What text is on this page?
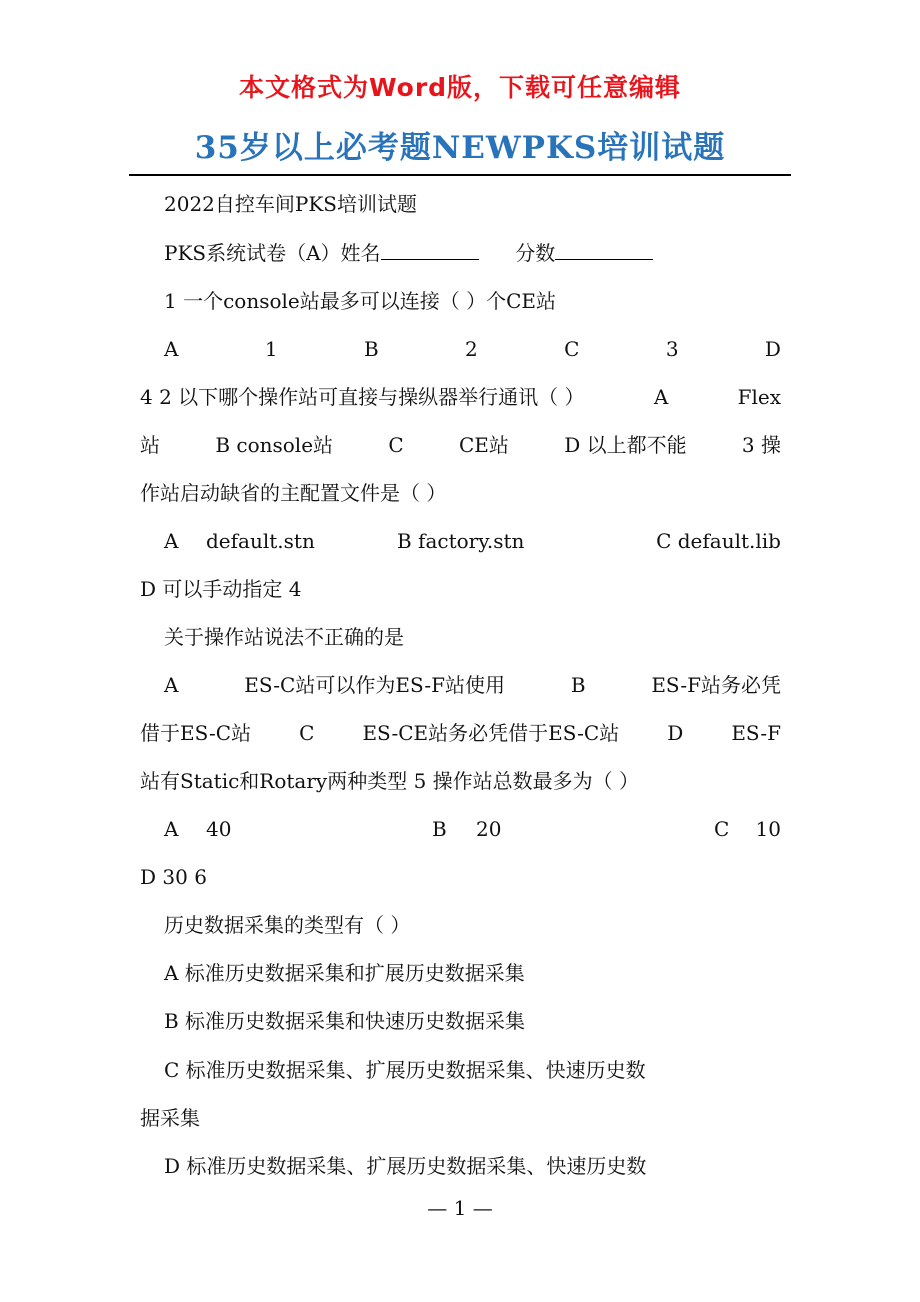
本文格式为Word版，下载可任意编辑
35岁以上必考题NEWPKS培训试题
2022自控车间PKS培训试题
PKS系统试卷（A）姓名	分数
1 一个console站最多可以连接（ ）个CE站
A	1	B	2	C	3	D
4 2 以下哪个操作站可直接与操纵器举行通讯（ ）	A	Flex
站	B console站	C	CE站	D 以上都不能	3 操
作站启动缺省的主配置文件是（ ）
A default.stn	B factory.stn	C default.lib
D 可以手动指定 4
关于操作站说法不正确的是
A	ES-C站可以作为ES-F站使用	B	ES-F站务必凭
借于ES-C站 C ES-CE站务必凭借于ES-C站 D ES-F
站有Static和Rotary两种类型 5 操作站总数最多为（ ）
A 40	B 20	C 10
D 30 6
历史数据采集的类型有（ ）
A 标准历史数据采集和扩展历史数据采集
B 标准历史数据采集和快速历史数据采集
C 标准历史数据采集、扩展历史数据采集、快速历史数
据采集
D 标准历史数据采集、扩展历史数据采集、快速历史数
— 1 —
